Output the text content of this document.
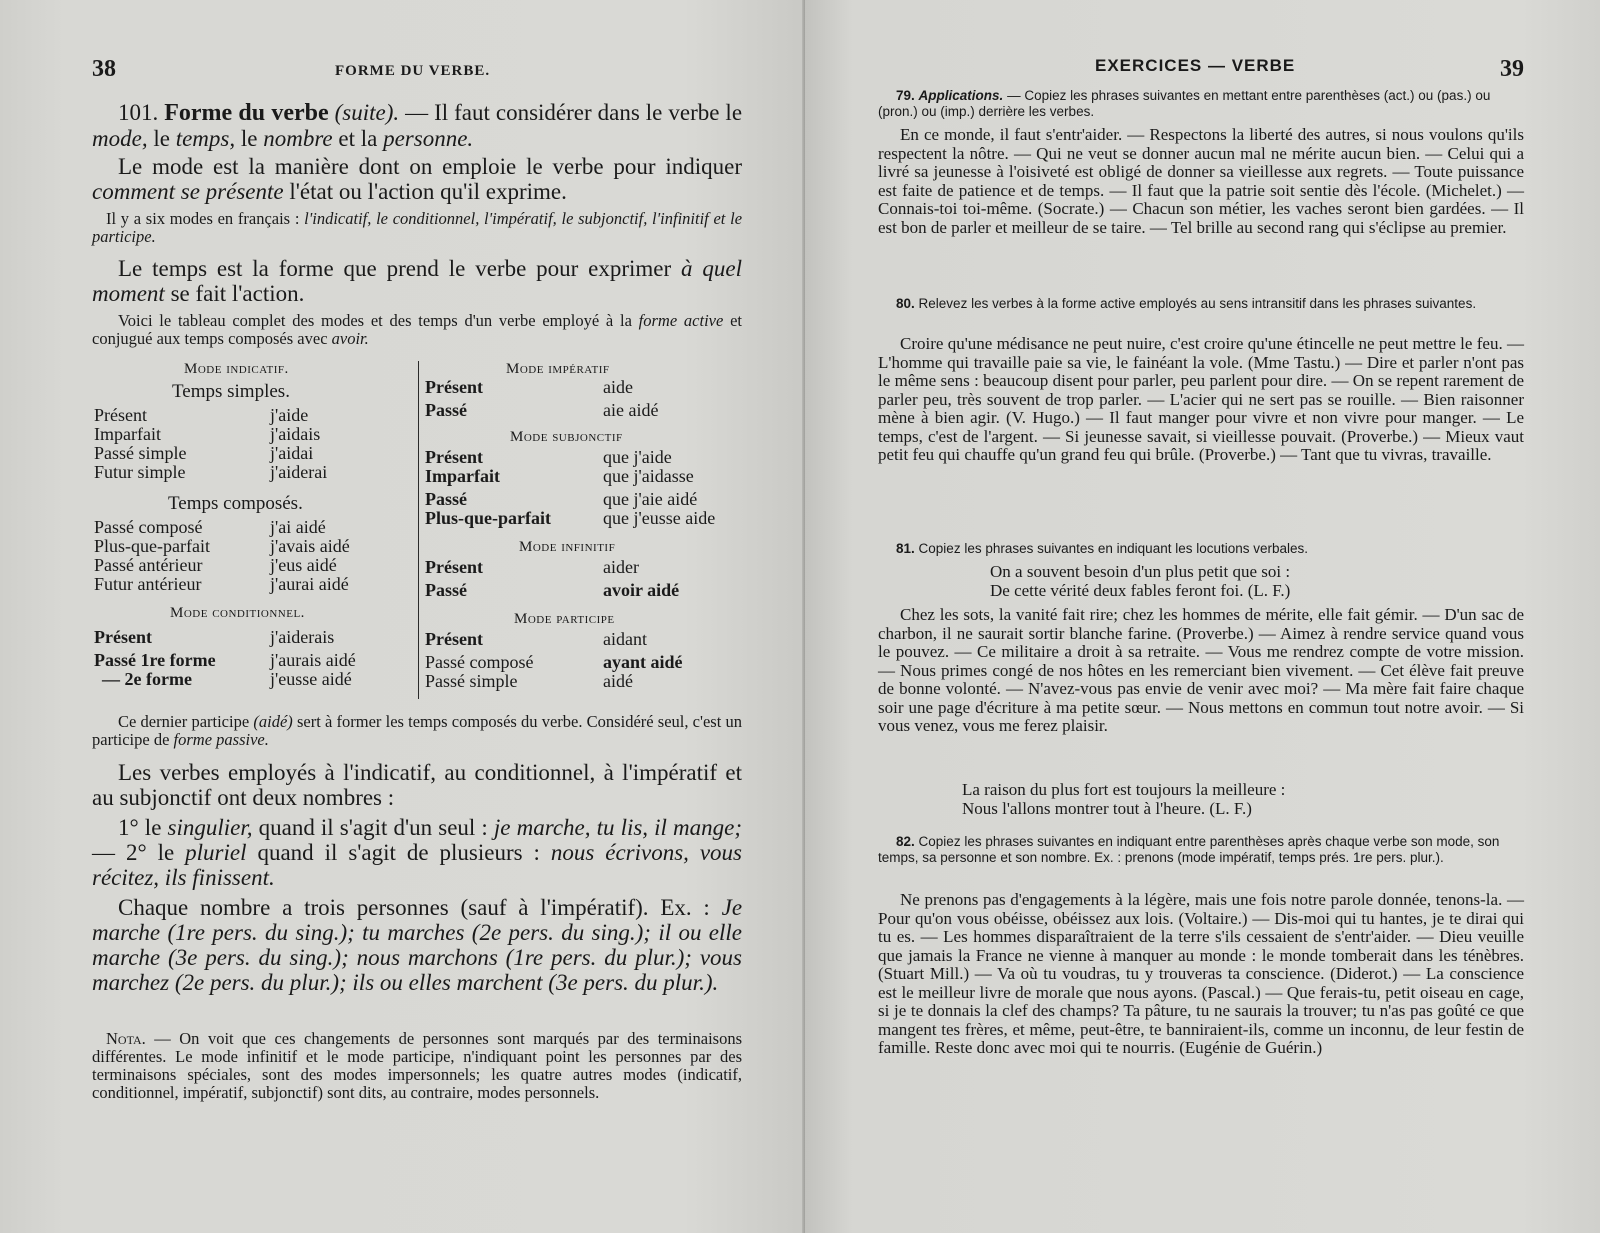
38	FORME DU VERBE.
101. Forme du verbe (suite). — Il faut considérer dans le verbe le mode, le temps, le nombre et la personne.
Le mode est la manière dont on emploie le verbe pour indiquer comment se présente l'état ou l'action qu'il exprime.
Il y a six modes en français : l'indicatif, le conditionnel, l'impératif, le subjonctif, l'infinitif et le participe.
Le temps est la forme que prend le verbe pour exprimer à quel moment se fait l'action.
Voici le tableau complet des modes et des temps d'un verbe employé à la forme active et conjugué aux temps composés avec avoir.
Mode indicatif.
Temps simples.
Présent	j'aide
Imparfait	j'aidais
Passé simple	j'aidai
Futur simple	j'aiderai
Temps composés.
Passé composé	j'ai aidé
Plus-que-parfait	j'avais aidé
Passé antérieur	j'eus aidé
Futur antérieur	j'aurai aidé
Mode conditionnel.
Présent	j'aiderais
Passé 1re forme	j'aurais aidé
— 2e forme	j'eusse aidé
Mode impératif
Présent	aide
Passé	aie aidé
Mode subjonctif
Présent	que j'aide
Imparfait	que j'aidasse
Passé	que j'aie aidé
Plus-que-parfait	que j'eusse aide
Mode infinitif
Présent	aider
Passé	avoir aidé
Mode participe
Présent	aidant
Passé composé	ayant aidé
Passé simple	aidé
Ce dernier participe (aidé) sert à former les temps composés du verbe. Considéré seul, c'est un participe de forme passive.
Les verbes employés à l'indicatif, au conditionnel, à l'impératif et au subjonctif ont deux nombres :
1° le singulier, quand il s'agit d'un seul : je marche, tu lis, il mange; — 2° le pluriel quand il s'agit de plusieurs : nous écrivons, vous récitez, ils finissent.
Chaque nombre a trois personnes (sauf à l'impératif). Ex. : Je marche (1re pers. du sing.); tu marches (2e pers. du sing.); il ou elle marche (3e pers. du sing.); nous marchons (1re pers. du plur.); vous marchez (2e pers. du plur.); ils ou elles marchent (3e pers. du plur.).
Nota. — On voit que ces changements de personnes sont marqués par des terminaisons différentes. Le mode infinitif et le mode participe, n'indiquant point les personnes par des terminaisons spéciales, sont des modes impersonnels; les quatre autres modes (indicatif, conditionnel, impératif, subjonctif) sont dits, au contraire, modes personnels.
EXERCICES — VERBE	39
79. Applications. — Copiez les phrases suivantes en mettant entre parenthèses (act.) ou (pas.) ou (pron.) ou (imp.) derrière les verbes.
En ce monde, il faut s'entr'aider. — Respectons la liberté des autres, si nous voulons qu'ils respectent la nôtre. — Qui ne veut se donner aucun mal ne mérite aucun bien. — Celui qui a livré sa jeunesse à l'oisiveté est obligé de donner sa vieillesse aux regrets. — Toute puissance est faite de patience et de temps. — Il faut que la patrie soit sentie dès l'école. (Michelet.) — Connais-toi toi-même. (Socrate.) — Chacun son métier, les vaches seront bien gardées. — Il est bon de parler et meilleur de se taire. — Tel brille au second rang qui s'éclipse au premier.
80. Relevez les verbes à la forme active employés au sens intransitif dans les phrases suivantes.
Croire qu'une médisance ne peut nuire, c'est croire qu'une étincelle ne peut mettre le feu. — L'homme qui travaille paie sa vie, le fainéant la vole. (Mme Tastu.) — Dire et parler n'ont pas le même sens : beaucoup disent pour parler, peu parlent pour dire. — On se repent rarement de parler peu, très souvent de trop parler. — L'acier qui ne sert pas se rouille. — Bien raisonner mène à bien agir. (V. Hugo.) — Il faut manger pour vivre et non vivre pour manger. — Le temps, c'est de l'argent. — Si jeunesse savait, si vieillesse pouvait. (Proverbe.) — Mieux vaut petit feu qui chauffe qu'un grand feu qui brûle. (Proverbe.) — Tant que tu vivras, travaille.
81. Copiez les phrases suivantes en indiquant les locutions verbales.
On a souvent besoin d'un plus petit que soi :
De cette vérité deux fables feront foi. (L. F.)
Chez les sots, la vanité fait rire; chez les hommes de mérite, elle fait gémir. — D'un sac de charbon, il ne saurait sortir blanche farine. (Proverbe.) — Aimez à rendre service quand vous le pouvez. — Ce militaire a droit à sa retraite. — Vous me rendrez compte de votre mission. — Nous primes congé de nos hôtes en les remerciant bien vivement. — Cet élève fait preuve de bonne volonté. — N'avez-vous pas envie de venir avec moi? — Ma mère fait faire chaque soir une page d'écriture à ma petite sœur. — Nous mettons en commun tout notre avoir. — Si vous venez, vous me ferez plaisir.
La raison du plus fort est toujours la meilleure :
Nous l'allons montrer tout à l'heure. (L. F.)
82. Copiez les phrases suivantes en indiquant entre parenthèses après chaque verbe son mode, son temps, sa personne et son nombre. Ex. : prenons (mode impératif, temps prés. 1re pers. plur.).
Ne prenons pas d'engagements à la légère, mais une fois notre parole donnée, tenons-la. — Pour qu'on vous obéisse, obéissez aux lois. (Voltaire.) — Dis-moi qui tu hantes, je te dirai qui tu es. — Les hommes disparaîtraient de la terre s'ils cessaient de s'entr'aider. — Dieu veuille que jamais la France ne vienne à manquer au monde : le monde tomberait dans les ténèbres. (Stuart Mill.) — Va où tu voudras, tu y trouveras ta conscience. (Diderot.) — La conscience est le meilleur livre de morale que nous ayons. (Pascal.) — Que ferais-tu, petit oiseau en cage, si je te donnais la clef des champs? Ta pâture, tu ne saurais la trouver; tu n'as pas goûté ce que mangent tes frères, et même, peut-être, te banniraient-ils, comme un inconnu, de leur festin de famille. Reste donc avec moi qui te nourris. (Eugénie de Guérin.)
